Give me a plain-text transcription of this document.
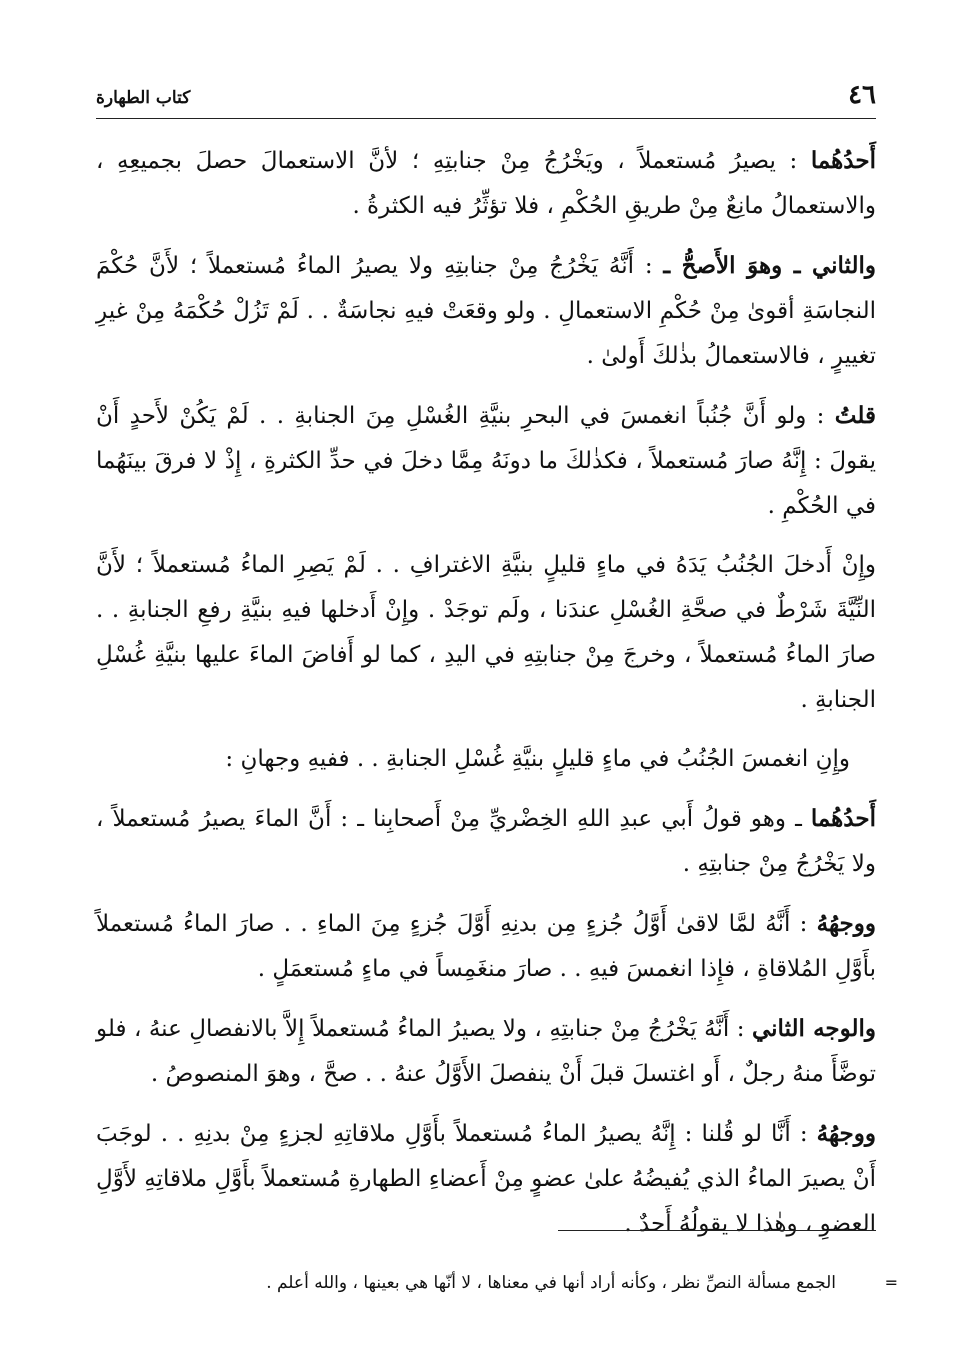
٤٦
كتاب الطهارة

أَحدُهُما : يصيرُ مُستعملاً ، ويَخْرُجُ مِنْ جنابتِهِ ؛ لأنَّ الاستعمالَ حصلَ بجميعِهِ ، والاستعمالُ مانِعٌ مِنْ طريقِ الحُكْمِ ، فلا تؤثِّرُ فيه الكثرةُ .

والثاني ـ وهوَ الأَصحُّ ـ : أَنَّهُ يَخْرُجُ مِنْ جنابتِهِ ولا يصيرُ الماءُ مُستعملاً ؛ لأَنَّ حُكْمَ النجاسَةِ أقوىٰ مِنْ حُكْمِ الاستعمالِ . ولو وقعَتْ فيهِ نجاسَةٌ . . لَمْ تَزُلْ حُكْمَهُ مِنْ غيرِ تغييرٍ ، فالاستعمالُ بذٰلكَ أَولىٰ .

قلتُ : ولو أَنَّ جُنُباً انغمسَ في البحرِ بنيَّةِ الغُسْلِ مِنَ الجنابةِ . . لَمْ يَكُنْ لأَحدٍ أَنْ يقولَ : إِنَّهُ صارَ مُستعملاً ، فكذٰلكَ ما دونَهُ مِمَّا دخلَ في حدِّ الكثرةِ ، إِذْ لا فرقَ بينَهُما في الحُكْمِ .

وإِنْ أَدخلَ الجُنُبُ يَدَهُ في ماءٍ قليلٍ بنيَّةِ الاغترافِ . . لَمْ يَصِرِ الماءُ مُستعملاً ؛ لأَنَّ النِّيَّةَ شَرْطٌ في صحَّةِ الغُسْلِ عندَنا ، ولَم توجَدْ . وإِنْ أَدخلها فيهِ بنيَّةِ رفعِ الجنابةِ . . صارَ الماءُ مُستعملاً ، وخرجَ مِنْ جنابتِهِ في اليدِ ، كما لو أَفاضَ الماءَ عليها بنيَّةِ غُسْلِ الجنابةِ .

وإِنِ انغمسَ الجُنُبُ في ماءٍ قليلٍ بنيَّةِ غُسْلِ الجنابةِ . . ففيهِ وجهانِ :

أَحدُهُما ـ وهو قولُ أَبي عبدِ اللهِ الخِضْريِّ مِنْ أَصحابِنا ـ : أَنَّ الماءَ يصيرُ مُستعملاً ، ولا يَخْرُجُ مِنْ جنابتِهِ .

ووجهُهُ : أَنَّهُ لمَّا لاقىٰ أَوَّلُ جُزءٍ مِن بدنِهِ أَوَّلَ جُزءٍ مِنَ الماءِ . . صارَ الماءُ مُستعملاً بأَوَّلِ المُلاقاةِ ، فإِذا انغمسَ فيهِ . . صارَ منغَمِساً في ماءٍ مُستعمَلٍ .

والوجه الثاني : أَنَّهُ يَخْرُجُ مِنْ جنابتِهِ ، ولا يصيرُ الماءُ مُستعملاً إِلاَّ بالانفصالِ عنهُ ، فلو توضَّأَ منهُ رجلٌ ، أَو اغتسلَ قبلَ أَنْ ينفصلَ الأَوَّلُ عنهُ . . صحَّ ، وهوَ المنصوصُ .

ووجهُهُ : أَنَّا لو قُلنا : إِنَّهُ يصيرُ الماءُ مُستعملاً بأَوَّلِ ملاقاتِهِ لجزءٍ مِنْ بدنِهِ . . لوجَبَ أَنْ يصيرَ الماءُ الذي يُفيضُهُ علىٰ عضوٍ مِنْ أَعضاءِ الطهارةِ مُستعملاً بأَوَّلِ ملاقاتِهِ لأَوَّلِ العضوِ ، وهٰذا لا يقولُهُ أَحدٌ .

=
الجمع مسألة النصِّ نظر ، وكأنه أراد أنها في معناها ، لا أنّها هي بعينها ، والله أعلم .
